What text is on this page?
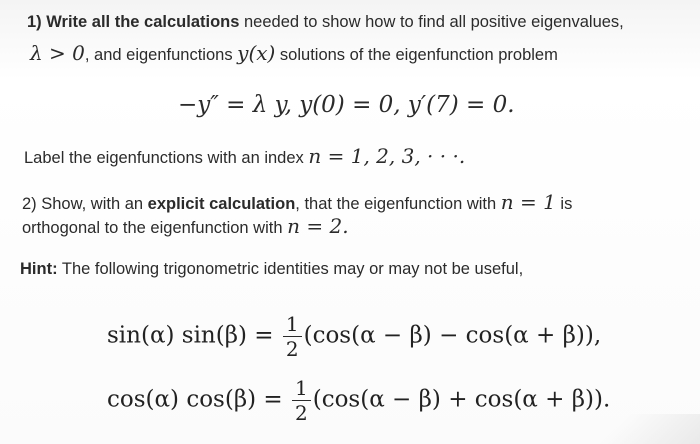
1) Write all the calculations needed to show how to find all positive eigenvalues,
λ > 0, and eigenfunctions y(x) solutions of the eigenfunction problem
−y″ = λ y, y(0) = 0, y′(7) = 0.
Label the eigenfunctions with an index n = 1, 2, 3, · · ·.
2) Show, with an explicit calculation, that the eigenfunction with n = 1 is
orthogonal to the eigenfunction with n = 2.
Hint: The following trigonometric identities may or may not be useful,
sin(α) $\sin(\beta) = \frac{1}{2} (\cos(\alpha - \beta) - \cos(\alpha + \beta))$,
cos(α) $\cos(\beta) = \frac{1}{2} (\cos(\alpha - \beta) + \cos(\alpha + \beta))$.
